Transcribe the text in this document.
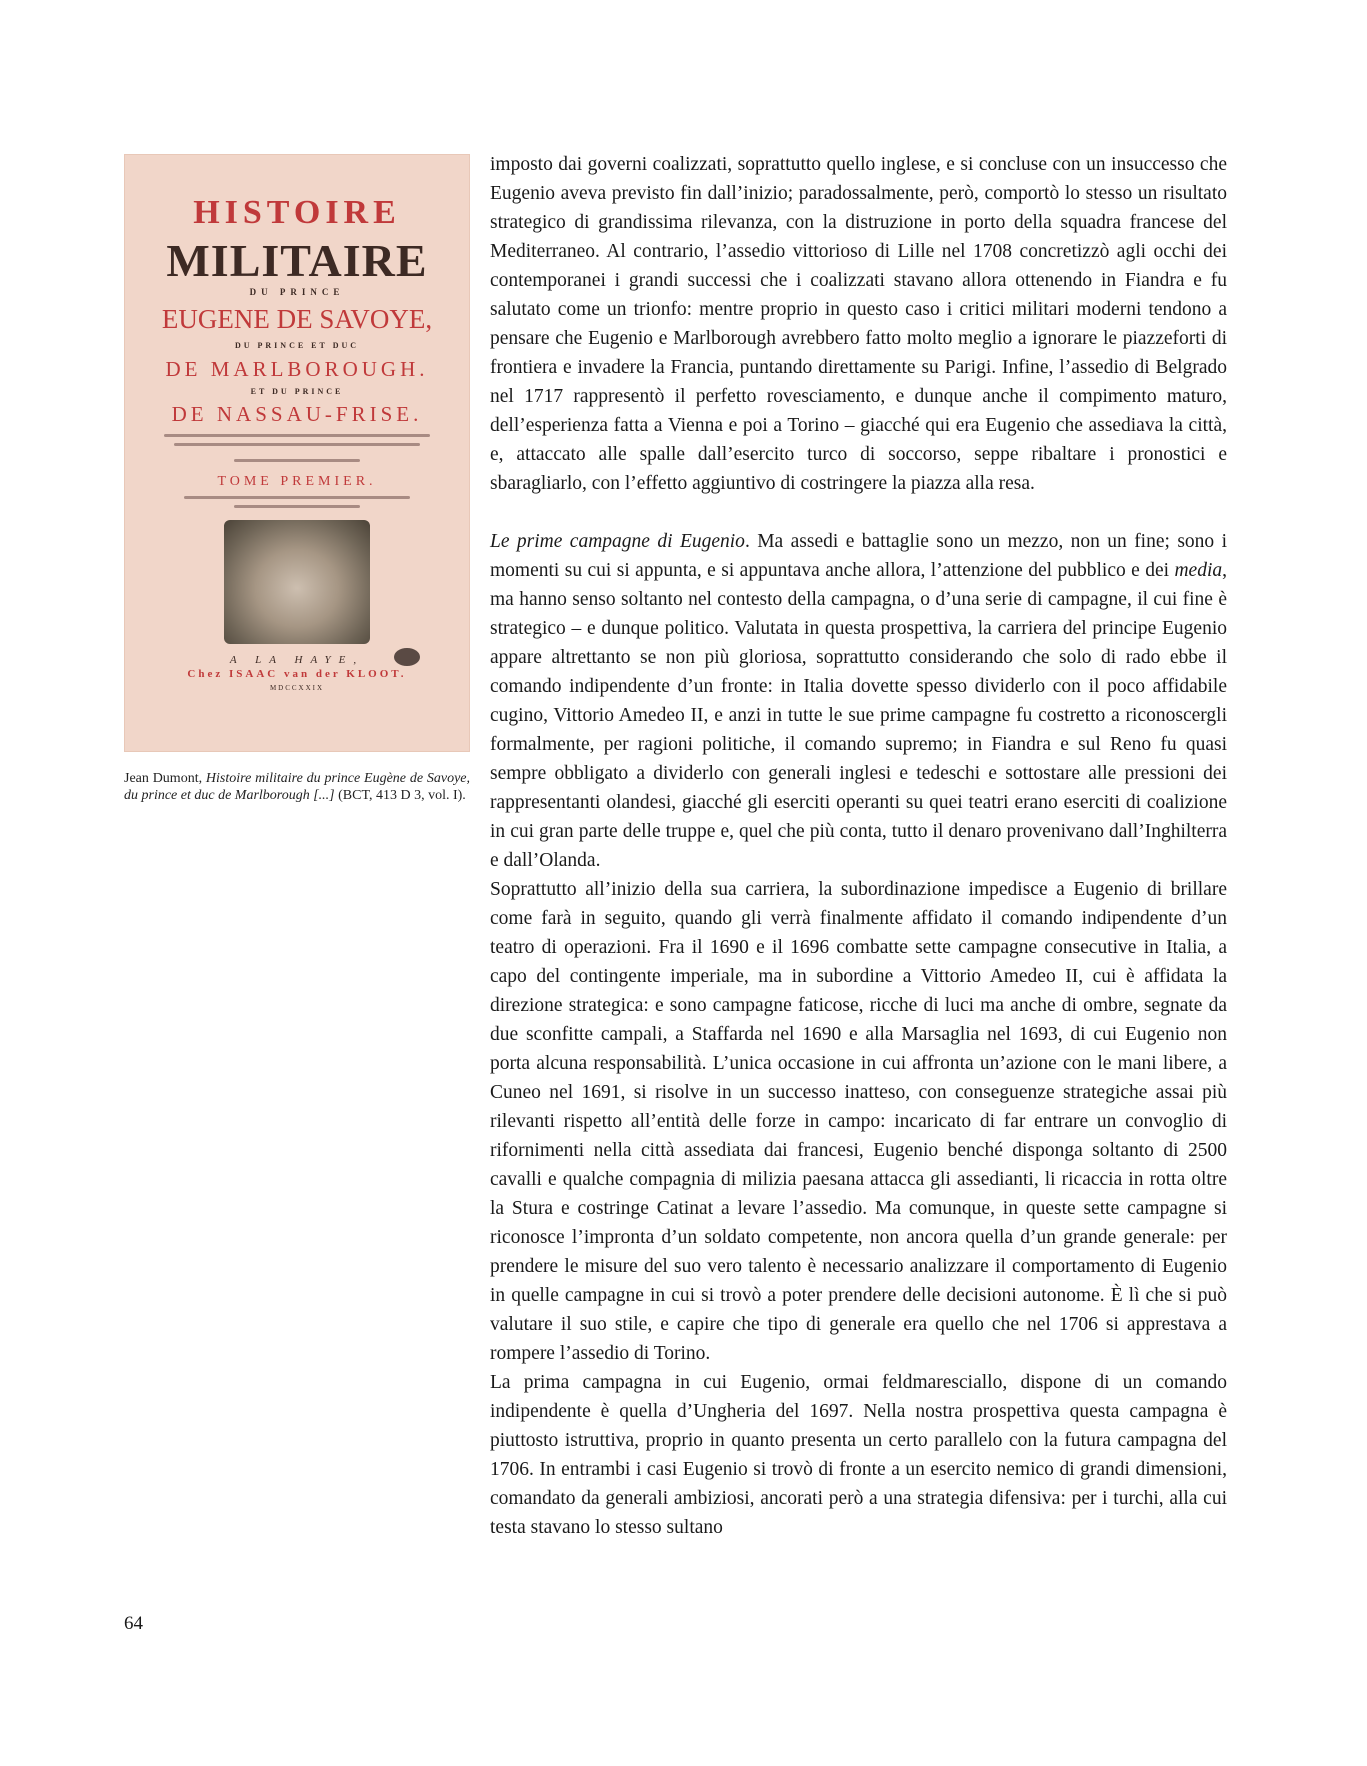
HISTOIRE
MILITAIRE
DU PRINCE
EUGENE DE SAVOYE,
DU PRINCE ET DUC
DE MARLBOROUGH.
ET DU PRINCE
DE NASSAU-FRISE.
TOME PREMIER.
A LA HAYE,
Chez ISAAC van der KLOOT.
MDCCXXIX
Jean Dumont, Histoire militaire du prince Eugène de Savoye, du prince et duc de Marlborough [...] (BCT, 413 D 3, vol. I).

imposto dai governi coalizzati, soprattutto quello inglese, e si concluse con un insuccesso che Eugenio aveva previsto fin dall’inizio; paradossalmente, però, comportò lo stesso un risultato strategico di grandissima rilevanza, con la distruzione in porto della squadra francese del Mediterraneo. Al contrario, l’assedio vittorioso di Lille nel 1708 concretizzò agli occhi dei contemporanei i grandi successi che i coalizzati stavano allora ottenendo in Fiandra e fu salutato come un trionfo: mentre proprio in questo caso i critici militari moderni tendono a pensare che Eugenio e Marlborough avrebbero fatto molto meglio a ignorare le piazzeforti di frontiera e invadere la Francia, puntando direttamente su Parigi. Infine, l’assedio di Belgrado nel 1717 rappresentò il perfetto rovesciamento, e dunque anche il compimento maturo, dell’esperienza fatta a Vienna e poi a Torino – giacché qui era Eugenio che assediava la città, e, attaccato alle spalle dall’esercito turco di soccorso, seppe ribaltare i pronostici e sbaragliarlo, con l’effetto aggiuntivo di costringere la piazza alla resa.

Le prime campagne di Eugenio. Ma assedi e battaglie sono un mezzo, non un fine; sono i momenti su cui si appunta, e si appuntava anche allora, l’attenzione del pubblico e dei media, ma hanno senso soltanto nel contesto della campagna, o d’una serie di campagne, il cui fine è strategico – e dunque politico. Valutata in questa prospettiva, la carriera del principe Eugenio appare altrettanto se non più gloriosa, soprattutto considerando che solo di rado ebbe il comando indipendente d’un fronte: in Italia dovette spesso dividerlo con il poco affidabile cugino, Vittorio Amedeo II, e anzi in tutte le sue prime campagne fu costretto a riconoscergli formalmente, per ragioni politiche, il comando supremo; in Fiandra e sul Reno fu quasi sempre obbligato a dividerlo con generali inglesi e tedeschi e sottostare alle pressioni dei rappresentanti olandesi, giacché gli eserciti operanti su quei teatri erano eserciti di coalizione in cui gran parte delle truppe e, quel che più conta, tutto il denaro provenivano dall’Inghilterra e dall’Olanda.

Soprattutto all’inizio della sua carriera, la subordinazione impedisce a Eugenio di brillare come farà in seguito, quando gli verrà finalmente affidato il comando indipendente d’un teatro di operazioni. Fra il 1690 e il 1696 combatte sette campagne consecutive in Italia, a capo del contingente imperiale, ma in subordine a Vittorio Amedeo II, cui è affidata la direzione strategica: e sono campagne faticose, ricche di luci ma anche di ombre, segnate da due sconfitte campali, a Staffarda nel 1690 e alla Marsaglia nel 1693, di cui Eugenio non porta alcuna responsabilità. L’unica occasione in cui affronta un’azione con le mani libere, a Cuneo nel 1691, si risolve in un successo inatteso, con conseguenze strategiche assai più rilevanti rispetto all’entità delle forze in campo: incaricato di far entrare un convoglio di rifornimenti nella città assediata dai francesi, Eugenio benché disponga soltanto di 2500 cavalli e qualche compagnia di milizia paesana attacca gli assedianti, li ricaccia in rotta oltre la Stura e costringe Catinat a levare l’assedio. Ma comunque, in queste sette campagne si riconosce l’impronta d’un soldato competente, non ancora quella d’un grande generale: per prendere le misure del suo vero talento è necessario analizzare il comportamento di Eugenio in quelle campagne in cui si trovò a poter prendere delle decisioni autonome. È lì che si può valutare il suo stile, e capire che tipo di generale era quello che nel 1706 si apprestava a rompere l’assedio di Torino.

La prima campagna in cui Eugenio, ormai feldmaresciallo, dispone di un comando indipendente è quella d’Ungheria del 1697. Nella nostra prospettiva questa campagna è piuttosto istruttiva, proprio in quanto presenta un certo parallelo con la futura campagna del 1706. In entrambi i casi Eugenio si trovò di fronte a un esercito nemico di grandi dimensioni, comandato da generali ambiziosi, ancorati però a una strategia difensiva: per i turchi, alla cui testa stavano lo stesso sultano

64
